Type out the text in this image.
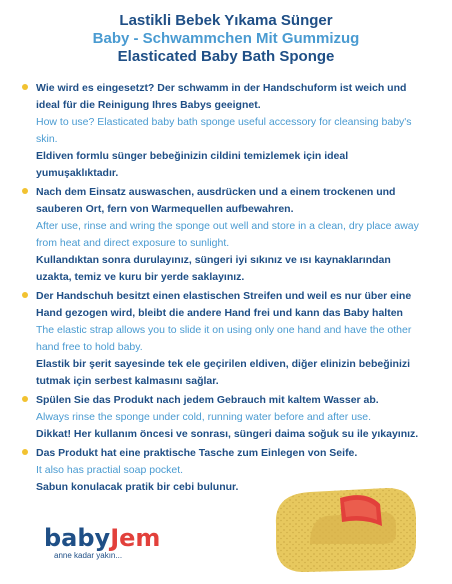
Lastikli Bebek Yıkama Sünger
Baby - Schwammchen Mit Gummizug
Elasticated Baby Bath Sponge
Wie wird es eingesetzt? Der schwamm in der Handschuform ist weich und ideal für die Reinigung Ihres Babys geeignet.
How to use? Elasticated baby bath sponge useful accessory for cleansing baby's skin.
Eldiven formlu sünger bebeğinizin cildini temizlemek için ideal yumuşaklıktadır.
Nach dem Einsatz auswaschen, ausdrücken und a einem trockenen und sauberen Ort, fern von Warmequellen aufbewahren.
After use, rinse and wring the sponge out well and store in a clean, dry place away from heat and direct exposure to sunlight.
Kullandıktan sonra durulayınız, süngeri iyi sıkınız ve ısı kaynaklarından uzakta, temiz ve kuru bir yerde saklayınız.
Der Handschuh besitzt einen elastischen Streifen und weil es nur über eine Hand gezogen wird, bleibt die andere Hand frei und kann das Baby halten
The elastic strap allows you to slide it on using only one hand and have the other hand free to hold baby.
Elastik bir şerit sayesinde tek ele geçirilen eldiven, diğer elinizin bebeğinizi tutmak için serbest kalmasını sağlar.
Spülen Sie das Produkt nach jedem Gebrauch mit kaltem Wasser ab.
Always rinse the sponge under cold, running water before and after use.
Dikkat! Her kullanım öncesi ve sonrası, süngeri daima soğuk su ile yıkayınız.
Das Produkt hat eine praktische Tasche zum Einlegen von Seife.
It also has practial soap pocket.
Sabun konulacak pratik bir cebi bulunur.
babyJem
anne kadar yakın...
